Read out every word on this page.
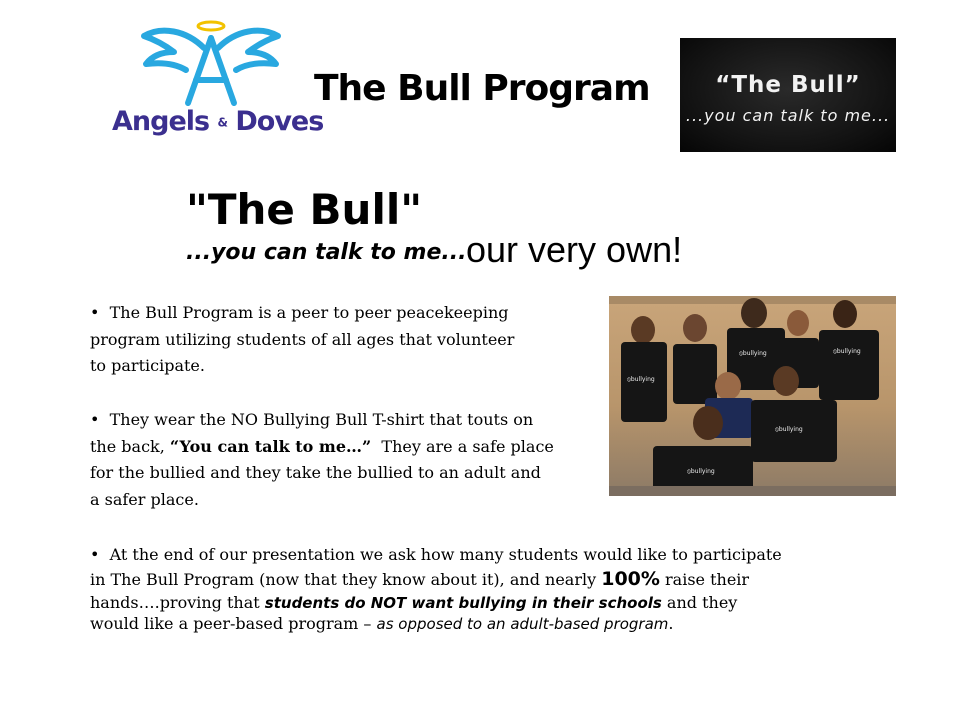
Angels & Doves
The Bull Program	“The Bull”
...you can talk to me...
"The Bull"
...you can talk to me... our very own!
⦸bullying
⦸bullying	⦸bullying
⦸bullying
⦸bullying
• The Bull Program is a peer to peer peacekeeping
program utilizing students of all ages that volunteer
to participate.
• They wear the NO Bullying Bull T-shirt that touts on
the back, “You can talk to me…”  They are a safe place
for the bullied and they take the bullied to an adult and
a safer place.
• At the end of our presentation we ask how many students would like to participate
in The Bull Program (now that they know about it), and nearly 100% raise their
hands….proving that students do NOT want bullying in their schools and they
would like a peer-based program – as opposed to an adult-based program.
